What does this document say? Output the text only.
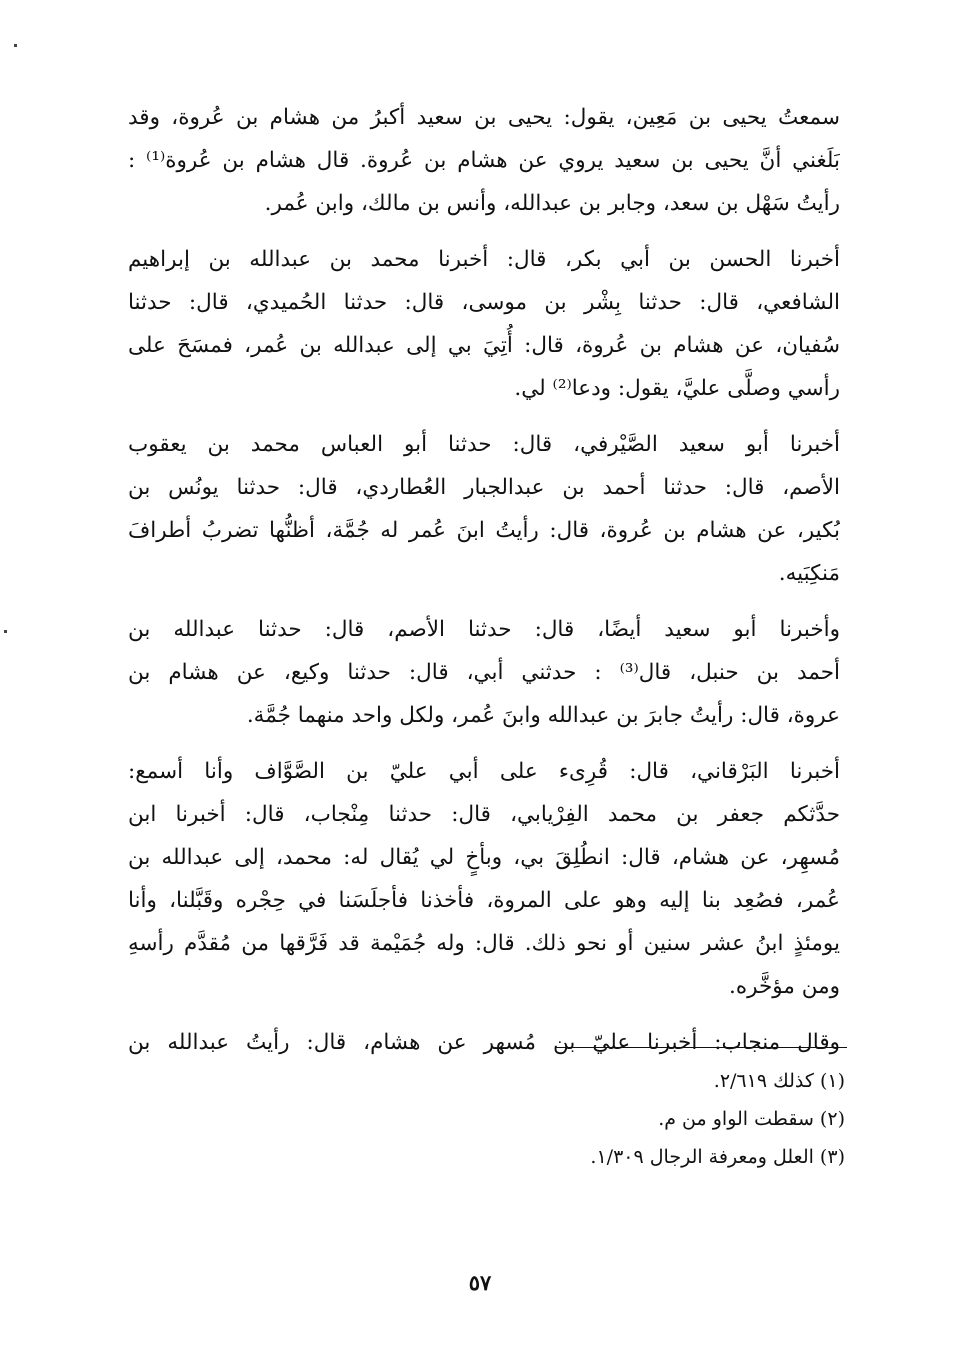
سمعتُ يحيى بن مَعِين، يقول: يحيى بن سعيد أكبرُ من هشام بن عُروة، وقد
بَلَغني أنَّ يحيى بن سعيد يروي عن هشام بن عُروة. قال هشام بن عُروة⁽¹⁾ :
رأيتُ سَهْل بن سعد، وجابر بن عبدالله، وأنس بن مالك، وابن عُمر.
أخبرنا الحسن بن أبي بكر، قال: أخبرنا محمد بن عبدالله بن إبراهيم
الشافعي، قال: حدثنا بِشْر بن موسى، قال: حدثنا الحُميدي، قال: حدثنا
سُفيان، عن هشام بن عُروة، قال: أُتِيَ بي إلى عبدالله بن عُمر، فمسَحَ على
رأسي وصلَّى عليَّ، يقول: ودعا⁽²⁾ لي.
أخبرنا أبو سعيد الصَّيْرفي، قال: حدثنا أبو العباس محمد بن يعقوب
الأصم، قال: حدثنا أحمد بن عبدالجبار العُطاردي، قال: حدثنا يونُس بن
بُكير، عن هشام بن عُروة، قال: رأيتُ ابنَ عُمر له جُمَّة، أظنُّها تضربُ أطرافَ
مَنكِبَيه.
وأخبرنا أبو سعيد أيضًا، قال: حدثنا الأصم، قال: حدثنا عبدالله بن
أحمد بن حنبل، قال⁽³⁾ : حدثني أبي، قال: حدثنا وكيع، عن هشام بن
عروة، قال: رأيتُ جابرَ بن عبدالله وابنَ عُمر، ولكل واحد منهما جُمَّة.
أخبرنا البَرْقاني، قال: قُرِىء على أبي عليّ بن الصَّوَّاف وأنا أسمع:
حدَّثكم جعفر بن محمد الفِرْيابي، قال: حدثنا مِنْجاب، قال: أخبرنا ابن
مُسهِر، عن هشام، قال: انطُلِقَ بي، وبأخٍ لي يُقال له: محمد، إلى عبدالله بن
عُمر، فصُعِد بنا إليه وهو على المروة، فأخذنا فأجلَسَنا في حِجْره وقَبَّلنا، وأنا
يومئذٍ ابنُ عشر سنين أو نحو ذلك. قال: وله جُمَيْمة قد فَرَّقها من مُقدَّم رأسهِ
ومن مؤخَّره.
وقال منجاب: أخبرنا عليّ بن مُسهر عن هشام، قال: رأيتُ عبدالله بن
(١) كذلك ٢/٦١٩.
(٢) سقطت الواو من م.
(٣) العلل ومعرفة الرجال ١/٣٠٩.
٥٧
